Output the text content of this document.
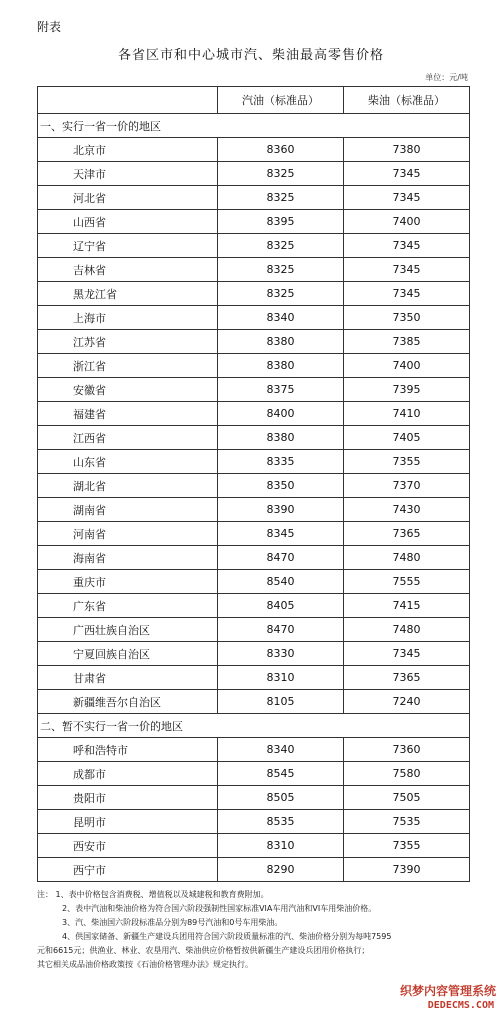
附表
各省区市和中心城市汽、柴油最高零售价格
单位：元/吨
	汽油（标准品）	柴油（标准品）
一、实行一省一价的地区		
北京市	8360	7380
天津市	8325	7345
河北省	8325	7345
山西省	8395	7400
辽宁省	8325	7345
吉林省	8325	7345
黑龙江省	8325	7345
上海市	8340	7350
江苏省	8380	7385
浙江省	8380	7400
安徽省	8375	7395
福建省	8400	7410
江西省	8380	7405
山东省	8335	7355
湖北省	8350	7370
湖南省	8390	7430
河南省	8345	7365
海南省	8470	7480
重庆市	8540	7555
广东省	8405	7415
广西壮族自治区	8470	7480
宁夏回族自治区	8330	7345
甘肃省	8310	7365
新疆维吾尔自治区	8105	7240
二、暂不实行一省一价的地区		
呼和浩特市	8340	7360
成都市	8545	7580
贵阳市	8505	7505
昆明市	8535	7535
西安市	8310	7355
西宁市	8290	7390
注： 1、表中价格包含消费税、增值税以及城建税和教育费附加。
2、表中汽油和柴油价格为符合国六阶段强制性国家标准VIA车用汽油和VI车用柴油价格。
3、汽、柴油国六阶段标准品分别为89号汽油和0号车用柴油。
4、供国家储备、新疆生产建设兵团用符合国六阶段质量标准的汽、柴油价格分别为每吨7595
元和6615元；供渔业、林业、农垦用汽、柴油供应价格暂按供新疆生产建设兵团用价格执行；
其它相关成品油价格政策按《石油价格管理办法》规定执行。
织梦内容管理系统
DEDECMS.COM
